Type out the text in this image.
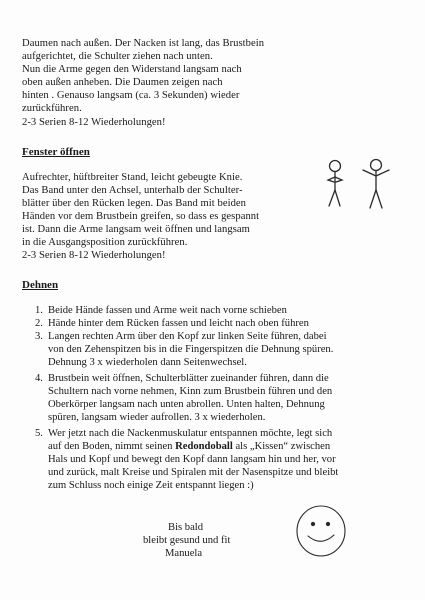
Daumen nach außen. Der Nacken ist lang, das Brustbein
aufgerichtet, die Schulter ziehen nach unten.
Nun die Arme gegen den Widerstand langsam nach
oben außen anheben. Die Daumen zeigen nach
hinten . Genauso langsam (ca. 3 Sekunden) wieder
zurückführen.
2-3 Serien 8-12 Wiederholungen!
Fenster öffnen
Aufrechter, hüftbreiter Stand, leicht gebeugte Knie.
Das Band unter den Achsel, unterhalb der Schulter-
blätter über den Rücken legen. Das Band mit beiden
Händen vor dem Brustbein greifen, so dass es gespannt
ist. Dann die Arme langsam weit öffnen und langsam
in die Ausgangsposition zurückführen.
2-3 Serien 8-12 Wiederholungen!
Dehnen
1. Beide Hände fassen und Arme weit nach vorne schieben
2. Hände hinter dem Rücken fassen und leicht nach oben führen
3. Langen rechten Arm über den Kopf zur linken Seite führen, dabei
von den Zehenspitzen bis in die Fingerspitzen die Dehnung spüren.
Dehnung 3 x wiederholen dann Seitenwechsel.
4. Brustbein weit öffnen, Schulterblätter zueinander führen, dann die
Schultern nach vorne nehmen, Kinn zum Brustbein führen und den
Oberkörper langsam nach unten abrollen. Unten halten, Dehnung
spüren, langsam wieder aufrollen. 3 x wiederholen.
5. Wer jetzt nach die Nackenmuskulatur entspannen möchte, legt sich
auf den Boden, nimmt seinen Redondoball als „Kissen“ zwischen
Hals und Kopf und bewegt den Kopf dann langsam hin und her, vor
und zurück, malt Kreise und Spiralen mit der Nasenspitze und bleibt
zum Schluss noch einige Zeit entspannt liegen :)
Bis bald
bleibt gesund und fit
Manuela
